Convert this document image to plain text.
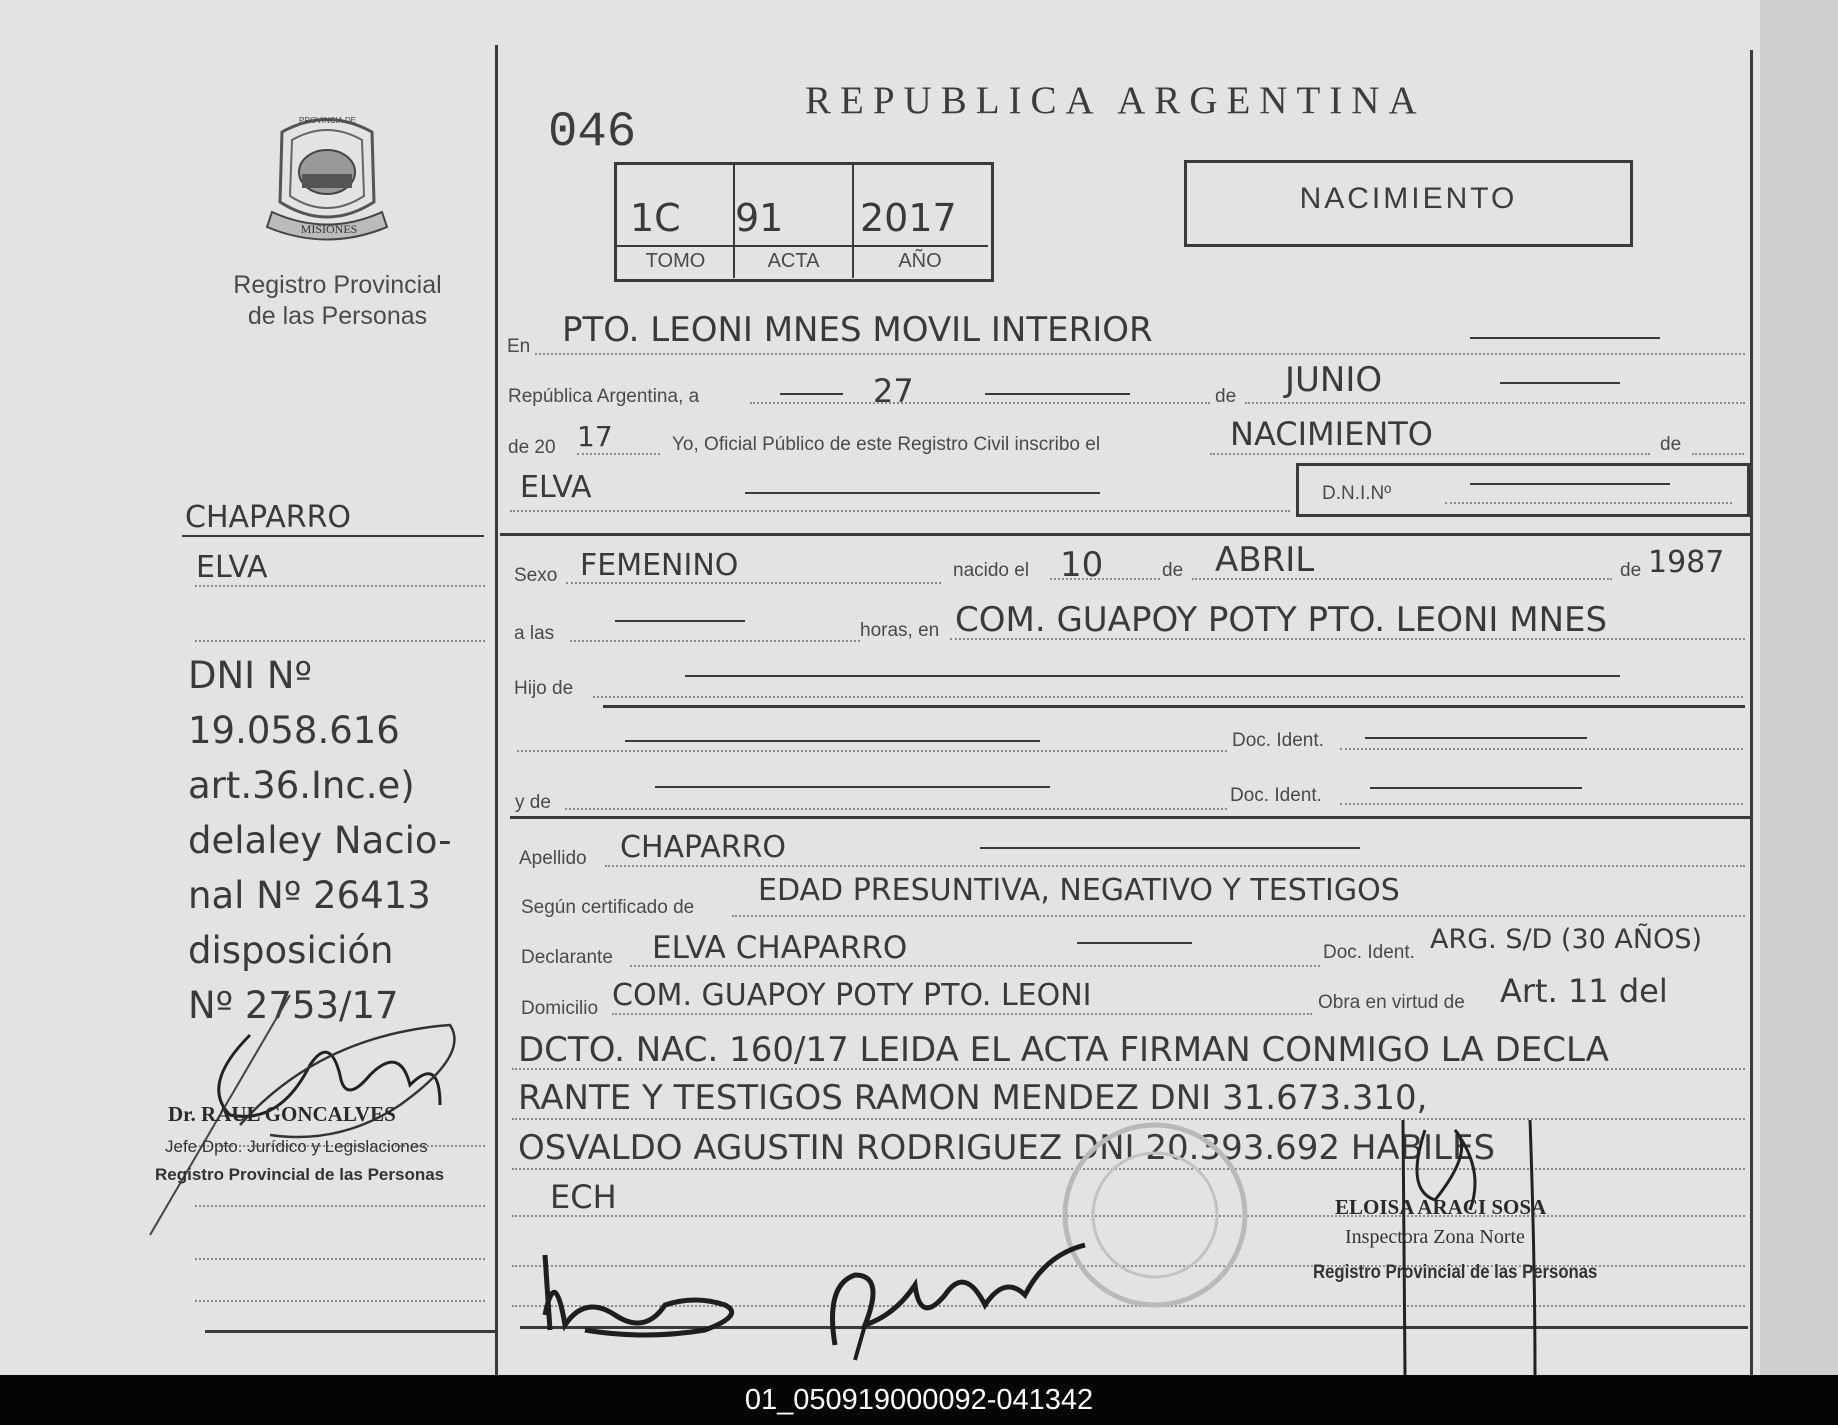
PROVINCIA DE
MISIONES
Registro Provincial
de las Personas
046
REPUBLICA ARGENTINA
1C 91 2017
TOMO	ACTA	AÑO
NACIMIENTO
CHAPARRO
ELVA
DNI Nº
19.058.616
art.36.Inc.e)
delaley Nacio-
nal Nº 26413
disposición
Nº 2753/17
Dr. RAUL GONCALVES
Jefe Dpto. Jurídico y Legislaciones
Registro Provincial de las Personas
En PTO. LEONI MNES MOVIL INTERIOR
República Argentina, a	27	de JUNIO
de 20 17	Yo, Oficial Público de este Registro Civil inscribo el	NACIMIENTO	de
ELVA	D.N.I.Nº
Sexo FEMENINO	nacido el 10	de ABRIL	de 1987
a las	horas, en COM. GUAPOY POTY PTO. LEONI MNES
Hijo de
Doc. Ident.
y de	Doc. Ident.
Apellido CHAPARRO
Según certificado de EDAD PRESUNTIVA, NEGATIVO Y TESTIGOS
Declarante ELVA CHAPARRO	Doc. Ident. ARG. S/D (30 AÑOS)
Domicilio COM. GUAPOY POTY PTO. LEONI	Obra en virtud de Art. 11 del
DCTO. NAC. 160/17 LEIDA EL ACTA FIRMAN CONMIGO LA DECLA
RANTE Y TESTIGOS RAMON MENDEZ DNI 31.673.310,
OSVALDO AGUSTIN RODRIGUEZ DNI 20.393.692 HABILES
ECH	ELOISA ARACI SOSA
Inspectora Zona Norte
Registro Provincial de las Personas
01_050919000092-041342
